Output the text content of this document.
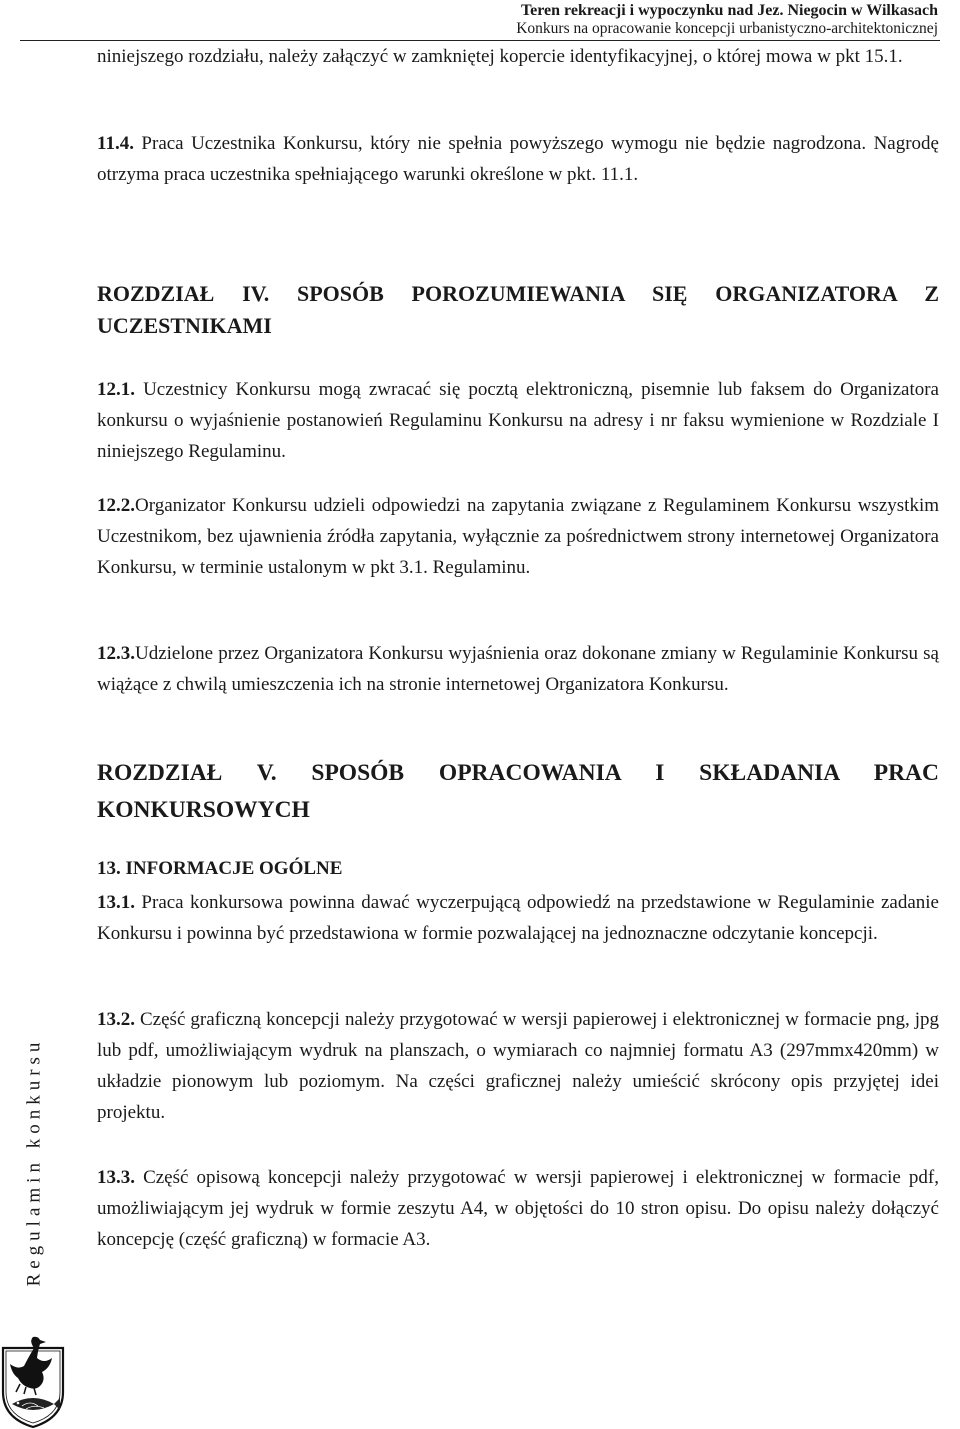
Teren rekreacji i wypoczynku nad Jez. Niegocin w Wilkasach
Konkurs na opracowanie koncepcji urbanistyczno-architektonicznej

niniejszego rozdziału, należy załączyć w zamkniętej kopercie identyfikacyjnej, o której mowa w pkt 15.1.

11.4. Praca Uczestnika Konkursu, który nie spełnia powyższego wymogu nie będzie nagrodzona. Nagrodę otrzyma praca uczestnika spełniającego warunki określone w pkt. 11.1.

ROZDZIAŁ IV. SPOSÓB POROZUMIEWANIA SIĘ ORGANIZATORA Z UCZESTNIKAMI

12.1. Uczestnicy Konkursu mogą zwracać się pocztą elektroniczną, pisemnie lub faksem do Organizatora konkursu o wyjaśnienie postanowień Regulaminu Konkursu na adresy i nr faksu wymienione w Rozdziale I niniejszego Regulaminu.

12.2.Organizator Konkursu udzieli odpowiedzi na zapytania związane z Regulaminem Konkursu wszystkim Uczestnikom, bez ujawnienia źródła zapytania, wyłącznie za pośrednictwem strony internetowej Organizatora Konkursu, w terminie ustalonym w pkt 3.1. Regulaminu.

12.3.Udzielone przez Organizatora Konkursu wyjaśnienia oraz dokonane zmiany w Regulaminie Konkursu są wiążące z chwilą umieszczenia ich na stronie internetowej Organizatora Konkursu.

ROZDZIAŁ V. SPOSÓB OPRACOWANIA I SKŁADANIA PRAC KONKURSOWYCH
13. INFORMACJE OGÓLNE

13.1. Praca konkursowa powinna dawać wyczerpującą odpowiedź na przedstawione w Regulaminie zadanie Konkursu i powinna być przedstawiona w formie pozwalającej na jednoznaczne odczytanie koncepcji.

13.2. Część graficzną koncepcji należy przygotować w wersji papierowej i elektronicznej w formacie png, jpg lub pdf, umożliwiającym wydruk na planszach, o wymiarach co najmniej formatu A3 (297mmx420mm) w układzie pionowym lub poziomym. Na części graficznej należy umieścić skrócony opis przyjętej idei projektu.

13.3. Część opisową koncepcji należy przygotować w wersji papierowej i elektronicznej w formacie pdf, umożliwiającym jej wydruk w formie zeszytu A4, w objętości do 10 stron opisu. Do opisu należy dołączyć koncepcję (część graficzną) w formacie A3.

Regulamin konkursu
